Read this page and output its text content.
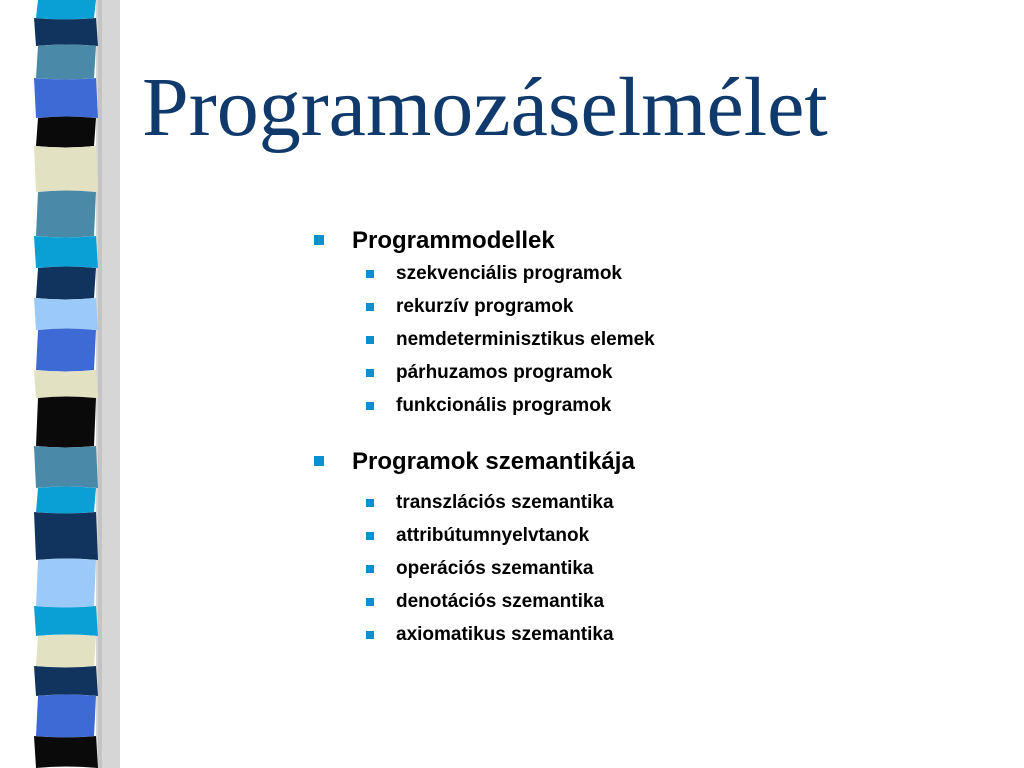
Programozáselmélet
Programmodellek
szekvenciális programok
rekurzív programok
nemdeterminisztikus elemek
párhuzamos programok
funkcionális programok
Programok szemantikája
transzlációs szemantika
attribútumnyelvtanok
operációs szemantika
denotációs szemantika
axiomatikus szemantika
